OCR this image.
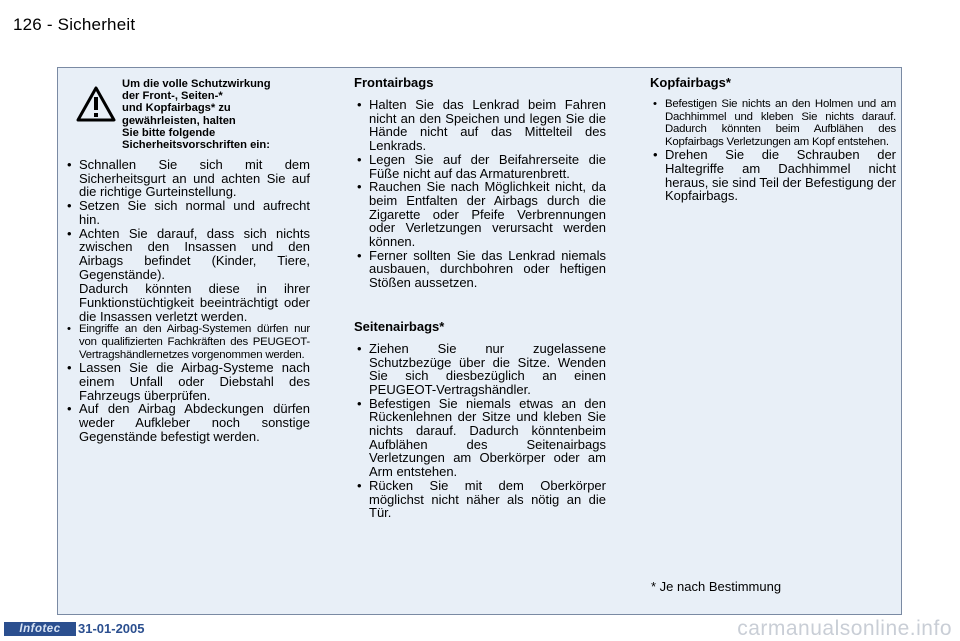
126 - Sicherheit

Um die volle Schutzwirkung
der Front-, Seiten-*
und Kopfairbags* zu
gewährleisten, halten
Sie bitte folgende
Sicherheitsvorschriften ein:

• Schnallen Sie sich mit dem Sicherheitsgurt an und achten Sie auf die richtige Gurteinstellung.
• Setzen Sie sich normal und aufrecht hin.
• Achten Sie darauf, dass sich nichts zwischen den Insassen und den Airbags befindet (Kinder, Tiere, Gegenstände).
Dadurch könnten diese in ihrer Funktionstüchtigkeit beeinträchtigt oder die Insassen verletzt werden.
• Eingriffe an den Airbag-Systemen dürfen nur von qualifizierten Fachkräften des PEUGEOT-Vertragshändlernetzes vorgenommen werden.
• Lassen Sie die Airbag-Systeme nach einem Unfall oder Diebstahl des Fahrzeugs überprüfen.
• Auf den Airbag Abdeckungen dürfen weder Aufkleber noch sonstige Gegenstände befestigt werden.
Frontairbags
• Halten Sie das Lenkrad beim Fahren nicht an den Speichen und legen Sie die Hände nicht auf das Mittelteil des Lenkrads.
• Legen Sie auf der Beifahrerseite die Füße nicht auf das Armaturenbrett.
• Rauchen Sie nach Möglichkeit nicht, da beim Entfalten der Airbags durch die Zigarette oder Pfeife Verbrennungen oder Verletzungen verursacht werden können.
• Ferner sollten Sie das Lenkrad niemals ausbauen, durchbohren oder heftigen Stößen aussetzen.
Seitenairbags*
• Ziehen Sie nur zugelassene Schutzbezüge über die Sitze. Wenden Sie sich diesbezüglich an einen PEUGEOT-Vertragshändler.
• Befestigen Sie niemals etwas an den Rückenlehnen der Sitze und kleben Sie nichts darauf. Dadurch könntenbeim Aufblähen des Seitenairbags Verletzungen am Oberkörper oder am Arm entstehen.
• Rücken Sie mit dem Oberkörper möglichst nicht näher als nötig an die Tür.
Kopfairbags*
• Befestigen Sie nichts an den Holmen und am Dachhimmel und kleben Sie nichts darauf. Dadurch könnten beim Aufblähen des Kopfairbags Verletzungen am Kopf entstehen.
• Drehen Sie die Schrauben der Haltegriffe am Dachhimmel nicht heraus, sie sind Teil der Befestigung der Kopfairbags.
* Je nach Bestimmung
Infotec	31-01-2005	carmanualsonline.info
